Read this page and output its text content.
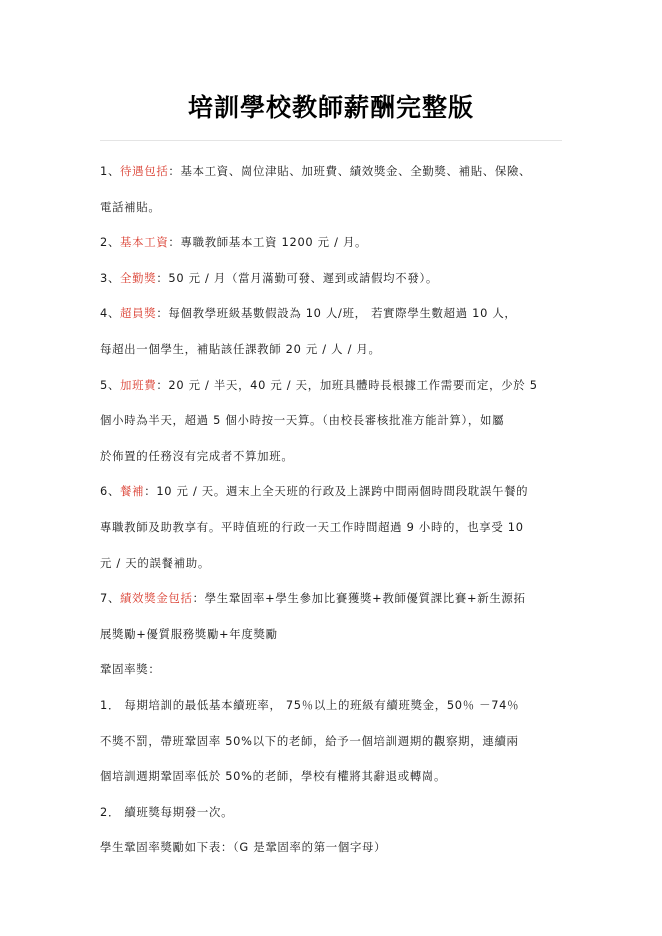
培訓學校教師薪酬完整版
1、待遇包括：基本工資、崗位津貼、加班費、績效獎金、全勤獎、補貼、保險、
電話補貼。
2、基本工資：專職教師基本工資 1200 元 / 月。
3、全勤獎：50 元 / 月（當月滿勤可發、遲到或請假均不發）。
4、超員獎：每個教學班級基數假設為 10 人/班， 若實際學生數超過 10 人，
每超出一個學生，補貼該任課教師 20 元 / 人 / 月。
5、加班費：20 元 / 半天，40 元 / 天，加班具體時長根據工作需要而定，少於 5
個小時為半天，超過 5 個小時按一天算。（由校長審核批准方能計算），如屬
於佈置的任務沒有完成者不算加班。
6、餐補：10 元 / 天。週末上全天班的行政及上課跨中間兩個時間段耽誤午餐的
專職教師及助教享有。平時值班的行政一天工作時間超過 9 小時的，也享受 10
元 / 天的誤餐補助。
7、績效獎金包括：學生鞏固率+學生參加比賽獲獎+教師優質課比賽+新生源拓
展獎勵+優質服務獎勵+年度獎勵
鞏固率獎：
1． 每期培訓的最低基本續班率， 75％以上的班級有續班獎金，50％ －74％
不獎不罰，帶班鞏固率 50%以下的老師，給予一個培訓週期的觀察期，連續兩
個培訓週期鞏固率低於 50%的老師，學校有權將其辭退或轉崗。
2． 續班獎每期發一次。
學生鞏固率獎勵如下表：（G 是鞏固率的第一個字母）
